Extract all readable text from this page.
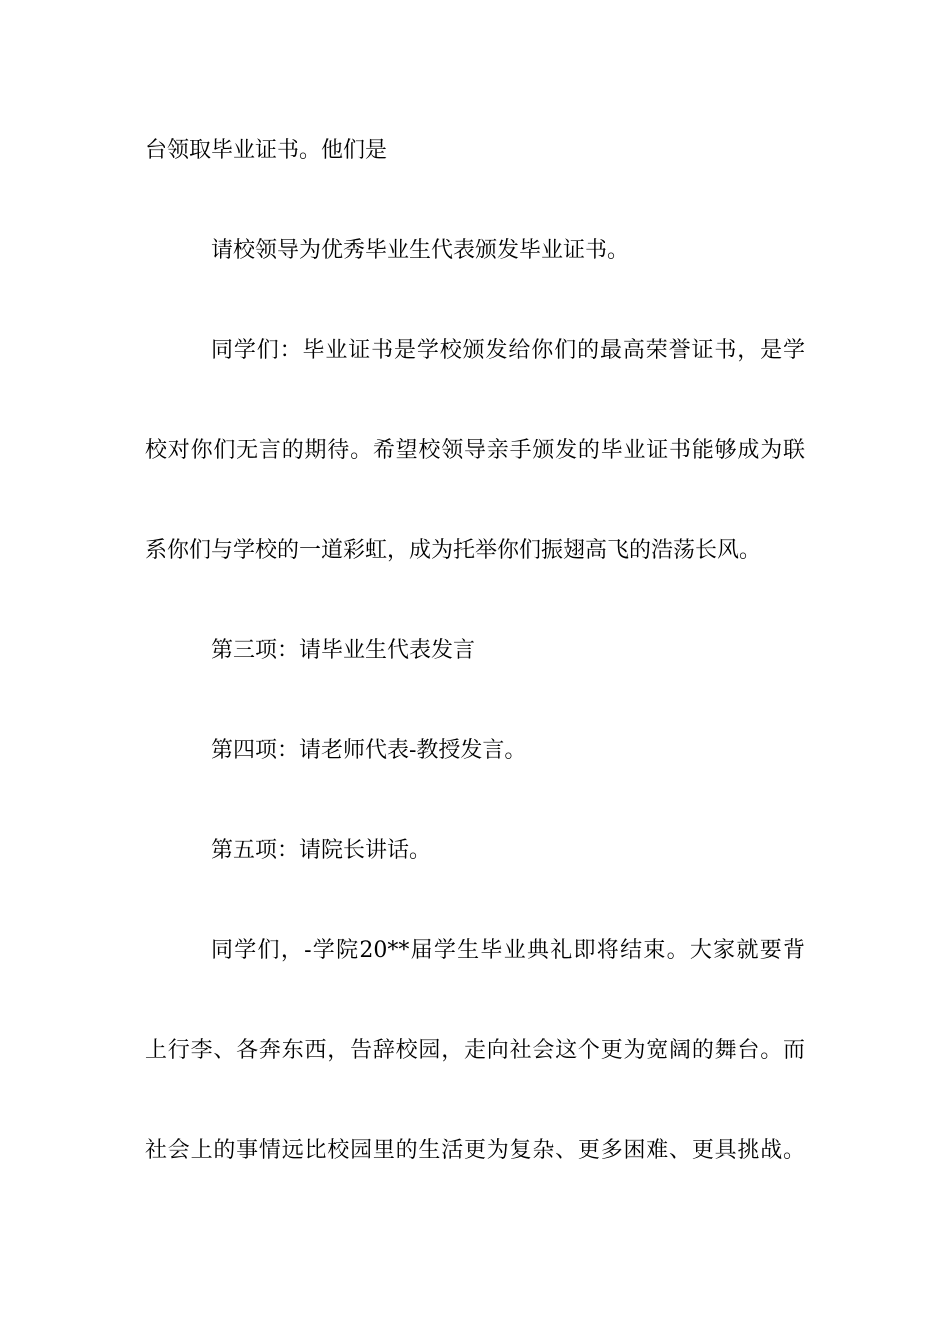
台领取毕业证书。他们是

请校领导为优秀毕业生代表颁发毕业证书。

同学们：毕业证书是学校颁发给你们的最高荣誉证书，是学

校对你们无言的期待。希望校领导亲手颁发的毕业证书能够成为联

系你们与学校的一道彩虹，成为托举你们振翅高飞的浩荡长风。

第三项：请毕业生代表发言

第四项：请老师代表-教授发言。

第五项：请院长讲话。

同学们，-学院20**届学生毕业典礼即将结束。大家就要背

上行李、各奔东西，告辞校园，走向社会这个更为宽阔的舞台。而

社会上的事情远比校园里的生活更为复杂、更多困难、更具挑战。
